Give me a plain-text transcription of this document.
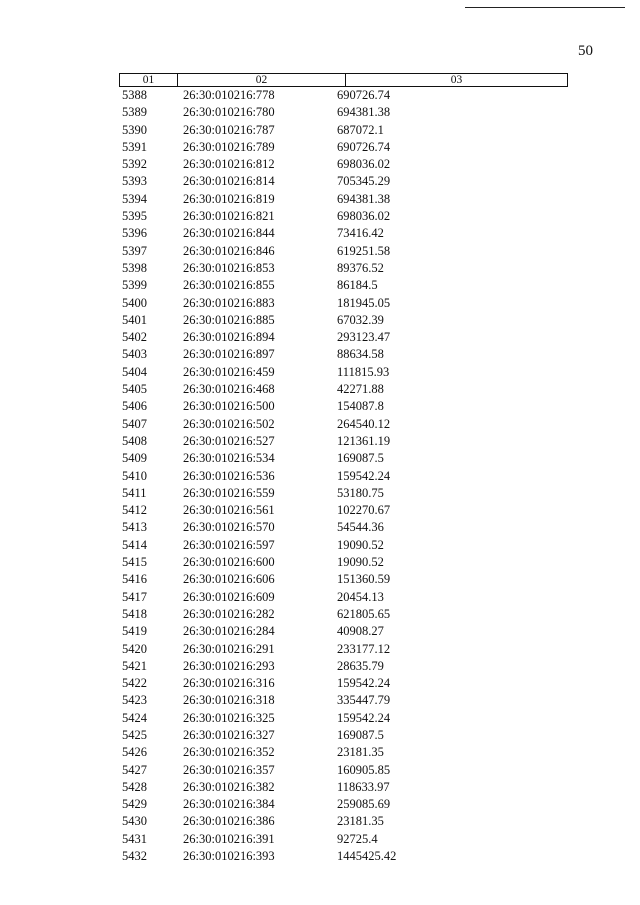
50
01	02	03
5388	26:30:010216:778	690726.74
5389	26:30:010216:780	694381.38
5390	26:30:010216:787	687072.1
5391	26:30:010216:789	690726.74
5392	26:30:010216:812	698036.02
5393	26:30:010216:814	705345.29
5394	26:30:010216:819	694381.38
5395	26:30:010216:821	698036.02
5396	26:30:010216:844	73416.42
5397	26:30:010216:846	619251.58
5398	26:30:010216:853	89376.52
5399	26:30:010216:855	86184.5
5400	26:30:010216:883	181945.05
5401	26:30:010216:885	67032.39
5402	26:30:010216:894	293123.47
5403	26:30:010216:897	88634.58
5404	26:30:010216:459	111815.93
5405	26:30:010216:468	42271.88
5406	26:30:010216:500	154087.8
5407	26:30:010216:502	264540.12
5408	26:30:010216:527	121361.19
5409	26:30:010216:534	169087.5
5410	26:30:010216:536	159542.24
5411	26:30:010216:559	53180.75
5412	26:30:010216:561	102270.67
5413	26:30:010216:570	54544.36
5414	26:30:010216:597	19090.52
5415	26:30:010216:600	19090.52
5416	26:30:010216:606	151360.59
5417	26:30:010216:609	20454.13
5418	26:30:010216:282	621805.65
5419	26:30:010216:284	40908.27
5420	26:30:010216:291	233177.12
5421	26:30:010216:293	28635.79
5422	26:30:010216:316	159542.24
5423	26:30:010216:318	335447.79
5424	26:30:010216:325	159542.24
5425	26:30:010216:327	169087.5
5426	26:30:010216:352	23181.35
5427	26:30:010216:357	160905.85
5428	26:30:010216:382	118633.97
5429	26:30:010216:384	259085.69
5430	26:30:010216:386	23181.35
5431	26:30:010216:391	92725.4
5432	26:30:010216:393	1445425.42
